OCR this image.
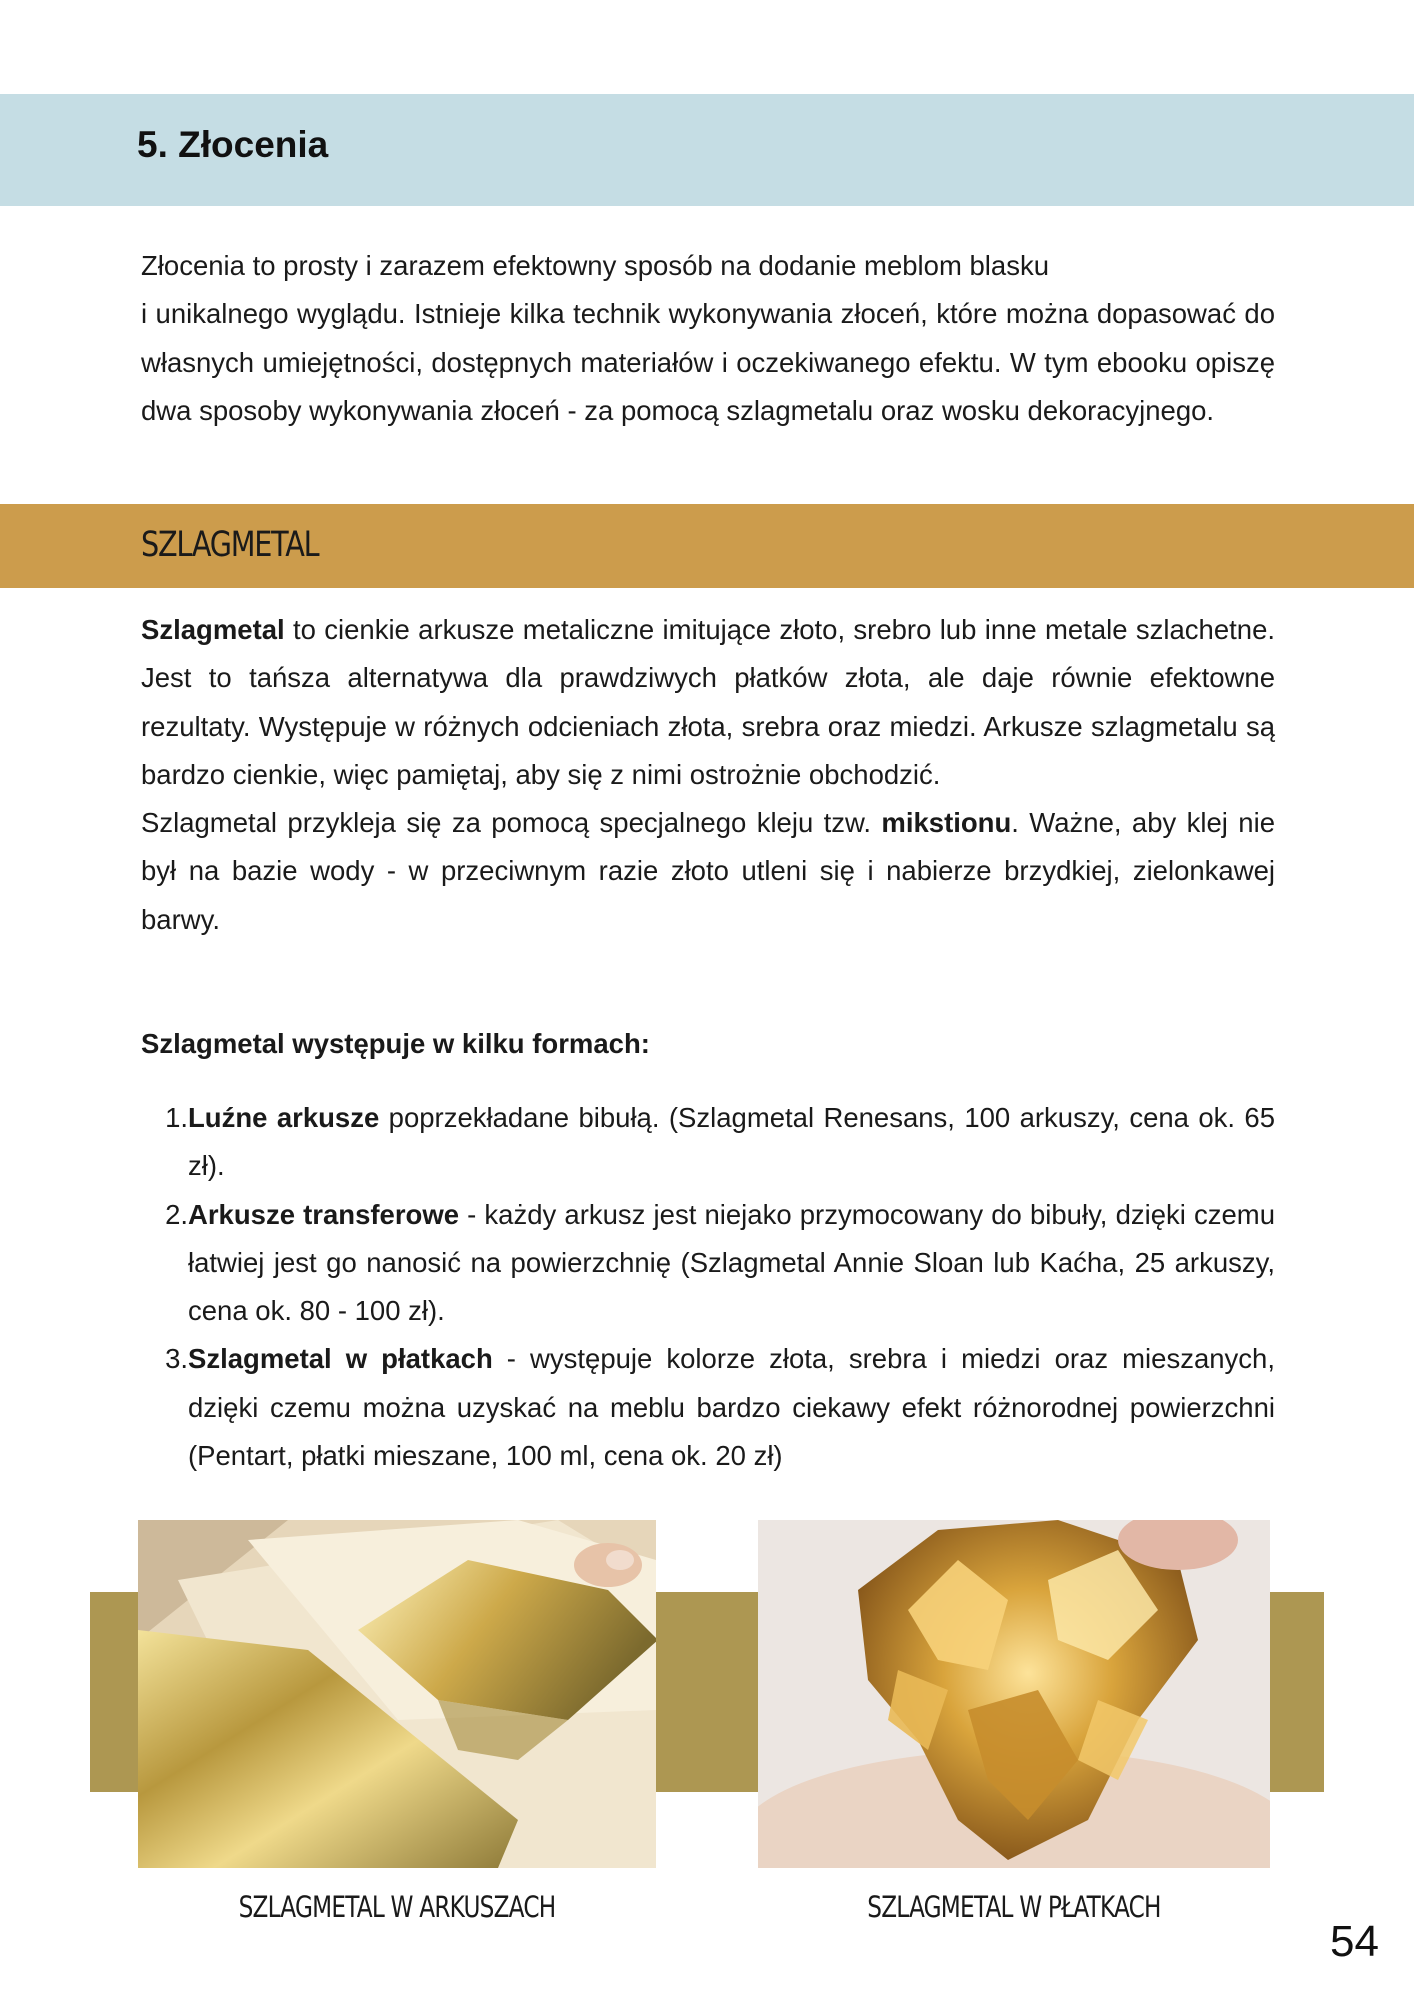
5. Złocenia
Złocenia to prosty i zarazem efektowny sposób na dodanie meblom blasku
i unikalnego wyglądu. Istnieje kilka technik wykonywania złoceń, które można dopasować do własnych umiejętności, dostępnych materiałów i oczekiwanego efektu. W tym ebooku opiszę dwa sposoby wykonywania złoceń - za pomocą szlagmetalu oraz wosku dekoracyjnego.
SZLAGMETAL

Szlagmetal to cienkie arkusze metaliczne imitujące złoto, srebro lub inne metale szlachetne. Jest to tańsza alternatywa dla prawdziwych płatków złota, ale daje równie efektowne rezultaty. Występuje w różnych odcieniach złota, srebra oraz miedzi. Arkusze szlagmetalu są bardzo cienkie, więc pamiętaj, aby się z nimi ostrożnie obchodzić.

Szlagmetal przykleja się za pomocą specjalnego kleju tzw. mikstionu. Ważne, aby klej nie był na bazie wody - w przeciwnym razie złoto utleni się i nabierze brzydkiej, zielonkawej barwy.

Szlagmetal występuje w kilku formach:
1. Luźne arkusze poprzekładane bibułą. (Szlagmetal Renesans, 100 arkuszy, cena ok. 65 zł).
2. Arkusze transferowe - każdy arkusz jest niejako przymocowany do bibuły, dzięki czemu łatwiej jest go nanosić na powierzchnię (Szlagmetal Annie Sloan lub Kaćha, 25 arkuszy, cena ok. 80 - 100 zł).
3. Szlagmetal w płatkach - występuje kolorze złota, srebra i miedzi oraz mieszanych, dzięki czemu można uzyskać na meblu bardzo ciekawy efekt różnorodnej powierzchni (Pentart, płatki mieszane, 100 ml, cena ok. 20 zł)

SZLAGMETAL W ARKUSZACH	SZLAGMETAL W PŁATKACH

54
